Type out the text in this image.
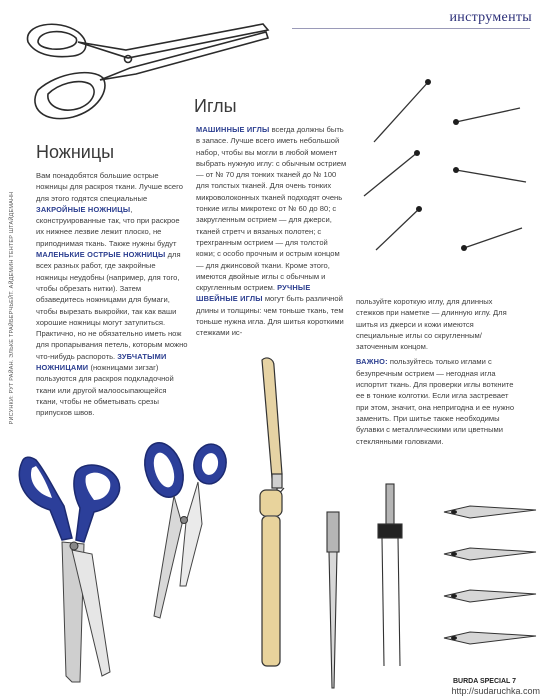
инструменты
РИСУНКИ: РУТ РАЙАН. ЭЛЬКЕ ТРАЙБЕРЧЬЕЙТ. АЙДЕМИН ТЕНТЕР ШТАЙДЕМАНН
Иглы
Ножницы

Вам понадобятся большие острые ножницы для раскроя ткани. Лучше всего для этого годятся специальные ЗАКРОЙНЫЕ НОЖНИЦЫ, сконструированные так, что при раскрое их нижнее лезвие лежит плоско, не приподнимая ткань. Также нужны будут МАЛЕНЬКИЕ ОСТРЫЕ НОЖНИЦЫ для всех разных работ, где закройные ножницы неудобны (например, для того, чтобы обрезать нитки). Затем обзаведитесь ножницами для бумаги, чтобы вырезать выкройки, так как ваши хорошие ножницы могут затупиться. Практично, но не обязательно иметь нож для пропарывания петель, которым можно что-нибудь распороть. ЗУБЧАТЫМИ НОЖНИЦАМИ (ножницами зигзаг) пользуются для раскроя подкладочной ткани или другой малоосыпающейся ткани, чтобы не обметывать срезы припусков швов.

МАШИННЫЕ ИГЛЫ всегда должны быть в запасе. Лучше всего иметь небольшой набор, чтобы вы могли в любой момент выбрать нужную иглу: с обычным острием — от № 70 для тонких тканей до № 100 для толстых тканей. Для очень тонких микроволоконных тканей подходят очень тонкие иглы микротекс от № 60 до 80; с закругленным острием — для джерси, тканей стретч и вязаных полотен; с трехгранным острием — для толстой кожи; с особо прочным и острым концом — для джинсовой ткани. Кроме этого, имеются двойные иглы с обычным и скругленным острием. РУЧНЫЕ ШВЕЙНЫЕ ИГЛЫ могут быть различной длины и толщины: чем тоньше ткань, тем тоньше нужна игла. Для шитья короткими стежками ис-

пользуйте короткую иглу, для длинных стежков при наметке — длинную иглу. Для шитья из джерси и кожи имеются специальные иглы со скругленным/заточенным концом.

ВАЖНО: пользуйтесь только иглами с безупречным острием — негодная игла испортит ткань. Для проверки иглы воткните ее в тонкие колготки. Если игла застревает при этом, значит, она непригодна и ее нужно заменить. При шитье также необходимы булавки с металлическими или цветными стеклянными головками.

BURDA SPECIAL 7
http://sudaruchka.com
